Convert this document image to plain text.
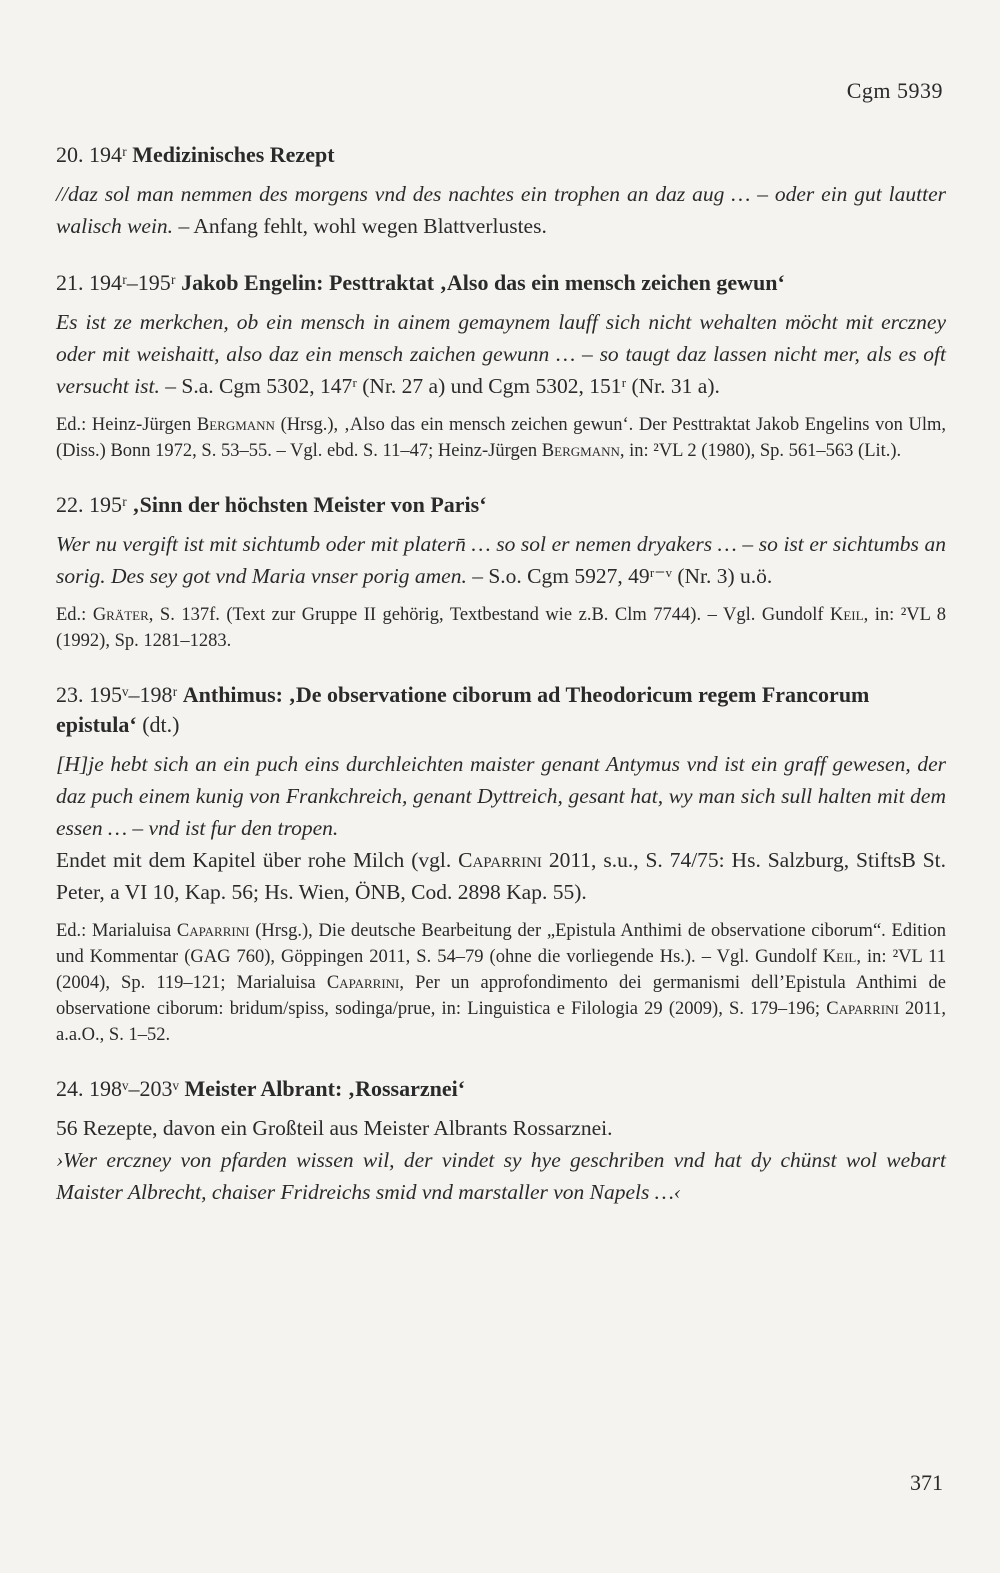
Cgm 5939
20. 194ʳ Medizinisches Rezept

//daz sol man nemmen des morgens vnd des nachtes ein trophen an daz aug … – oder ein gut lautter walisch wein. – Anfang fehlt, wohl wegen Blattverlustes.

21. 194ʳ–195ʳ Jakob Engelin: Pesttraktat ‚Also das ein mensch zeichen gewun‘

Es ist ze merkchen, ob ein mensch in ainem gemaynem lauff sich nicht wehalten möcht mit erczney oder mit weishaitt, also daz ein mensch zaichen gewunn … – so taugt daz lassen nicht mer, als es oft versucht ist. – S.a. Cgm 5302, 147ʳ (Nr. 27 a) und Cgm 5302, 151ʳ (Nr. 31 a).

Ed.: Heinz-Jürgen Bergmann (Hrsg.), ‚Also das ein mensch zeichen gewun‘. Der Pesttraktat Jakob Engelins von Ulm, (Diss.) Bonn 1972, S. 53–55. – Vgl. ebd. S. 11–47; Heinz-Jürgen Bergmann, in: ²VL 2 (1980), Sp. 561–563 (Lit.).

22. 195ʳ ‚Sinn der höchsten Meister von Paris‘

Wer nu vergift ist mit sichtumb oder mit platern̄ … so sol er nemen dryakers … – so ist er sichtumbs an sorig. Des sey got vnd Maria vnser porig amen. – S.o. Cgm 5927, 49ʳ⁻ᵛ (Nr. 3) u.ö.

Ed.: Gräter, S. 137f. (Text zur Gruppe II gehörig, Textbestand wie z.B. Clm 7744). – Vgl. Gundolf Keil, in: ²VL 8 (1992), Sp. 1281–1283.

23. 195ᵛ–198ʳ Anthimus: ‚De observatione ciborum ad Theodoricum regem Francorum epistula‘ (dt.)

[H]je hebt sich an ein puch eins durchleichten maister genant Antymus vnd ist ein graff gewesen, der daz puch einem kunig von Frankchreich, genant Dyttreich, gesant hat, wy man sich sull halten mit dem essen … – vnd ist fur den tropen.

Endet mit dem Kapitel über rohe Milch (vgl. Caparrini 2011, s.u., S. 74/75: Hs. Salzburg, StiftsB St. Peter, a VI 10, Kap. 56; Hs. Wien, ÖNB, Cod. 2898 Kap. 55).

Ed.: Marialuisa Caparrini (Hrsg.), Die deutsche Bearbeitung der „Epistula Anthimi de observatione ciborum“. Edition und Kommentar (GAG 760), Göppingen 2011, S. 54–79 (ohne die vorliegende Hs.). – Vgl. Gundolf Keil, in: ²VL 11 (2004), Sp. 119–121; Marialuisa Caparrini, Per un approfondimento dei germanismi dell’Epistula Anthimi de observatione ciborum: bridum/spiss, sodinga/prue, in: Linguistica e Filologia 29 (2009), S. 179–196; Caparrini 2011, a.a.O., S. 1–52.

24. 198ᵛ–203ᵛ Meister Albrant: ‚Rossarznei‘

56 Rezepte, davon ein Großteil aus Meister Albrants Rossarznei.

›Wer erczney von pfarden wissen wil, der vindet sy hye geschriben vnd hat dy chünst wol webart Maister Albrecht, chaiser Fridreichs smid vnd marstaller von Napels …‹

371
